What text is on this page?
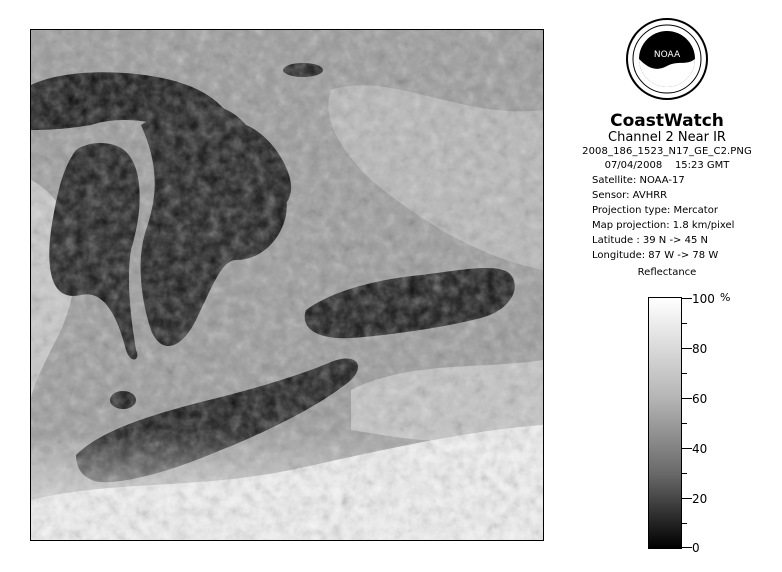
NOAA
CoastWatch
Channel 2 Near IR
2008_186_1523_N17_GE_C2.PNG
07/04/2008 15:23 GMT
Satellite: NOAA-17
Sensor: AVHRR
Projection type: Mercator
Map projection: 1.8 km/pixel
Latitude : 39 N -> 45 N
Longitude: 87 W -> 78 W
Reflectance
%
100
80
60
40
20
0
